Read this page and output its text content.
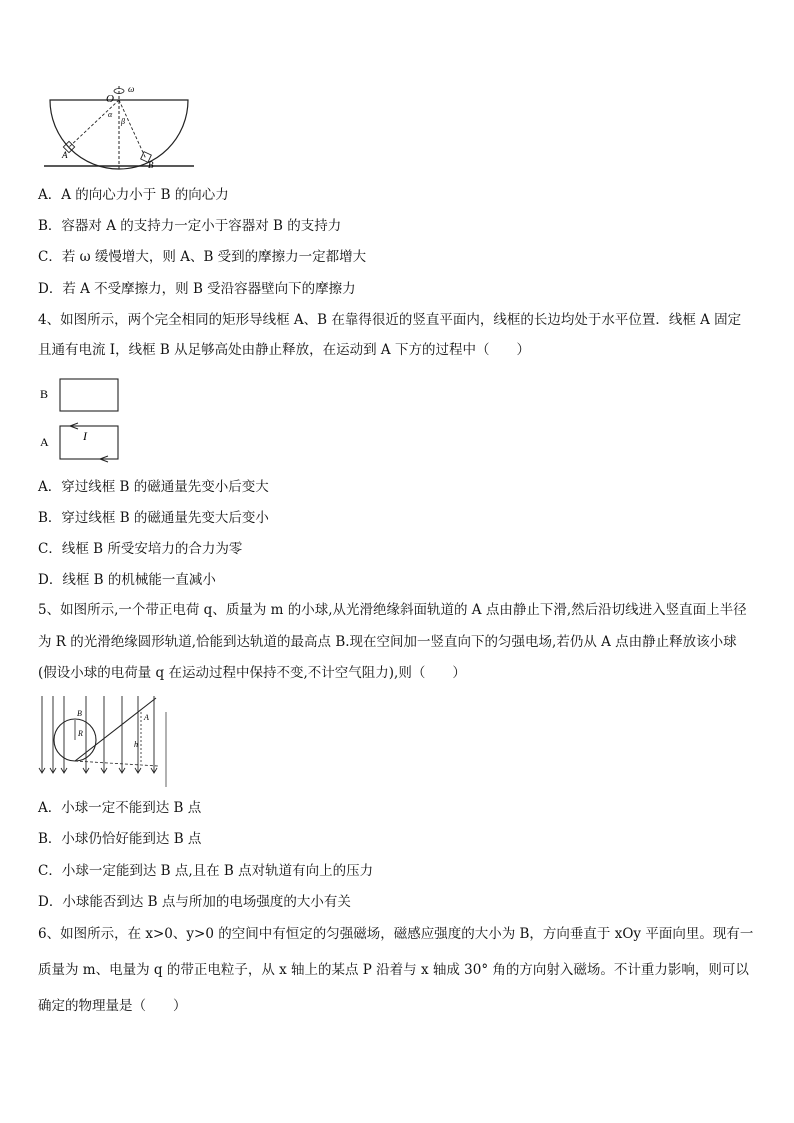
O
ω
α
β
A
B
A．A 的向心力小于 B 的向心力
B．容器对 A 的支持力一定小于容器对 B 的支持力
C．若 ω 缓慢增大，则 A、B 受到的摩擦力一定都增大
D．若 A 不受摩擦力，则 B 受沿容器壁向下的摩擦力
4、如图所示，两个完全相同的矩形导线框 A、B 在靠得很近的竖直平面内，线框的长边均处于水平位置．线框 A 固定
且通有电流 I，线框 B 从足够高处由静止释放，在运动到 A 下方的过程中（　　）
B
A	I
A．穿过线框 B 的磁通量先变小后变大
B．穿过线框 B 的磁通量先变大后变小
C．线框 B 所受安培力的合力为零
D．线框 B 的机械能一直减小
5、如图所示,一个带正电荷 q、质量为 m 的小球,从光滑绝缘斜面轨道的 A 点由静止下滑,然后沿切线进入竖直面上半径
为 R 的光滑绝缘圆形轨道,恰能到达轨道的最高点 B.现在空间加一竖直向下的匀强电场,若仍从 A 点由静止释放该小球
(假设小球的电荷量 q 在运动过程中保持不变,不计空气阻力),则（　　）
B
R
A
h
A．小球一定不能到达 B 点
B．小球仍恰好能到达 B 点
C．小球一定能到达 B 点,且在 B 点对轨道有向上的压力
D．小球能否到达 B 点与所加的电场强度的大小有关
6、如图所示，在 x>0、y>0 的空间中有恒定的匀强磁场，磁感应强度的大小为 B，方向垂直于 xOy 平面向里。现有一
质量为 m、电量为 q 的带正电粒子，从 x 轴上的某点 P 沿着与 x 轴成 30° 角的方向射入磁场。不计重力影响，则可以
确定的物理量是（　　）
